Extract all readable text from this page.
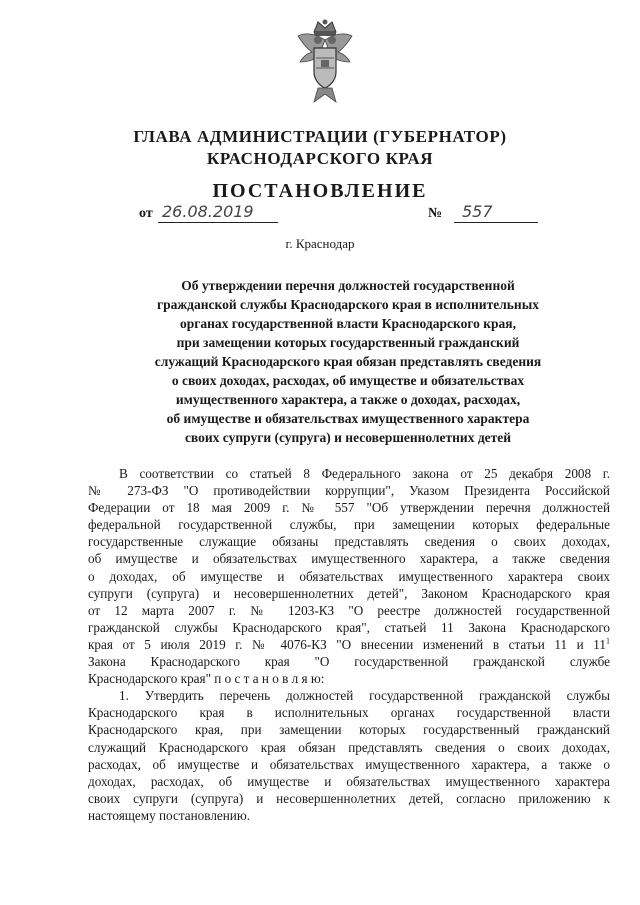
ГЛАВА АДМИНИСТРАЦИИ (ГУБЕРНАТОР)
КРАСНОДАРСКОГО КРАЯ
ПОСТАНОВЛЕНИЕ
от 26.08.2019	№	557
г. Краснодар
Об утверждении перечня должностей государственной
гражданской службы Краснодарского края в исполнительных
органах государственной власти Краснодарского края,
при замещении которых государственный гражданский
служащий Краснодарского края обязан представлять сведения
о своих доходах, расходах, об имуществе и обязательствах
имущественного характера, а также о доходах, расходах,
об имуществе и обязательствах имущественного характера
своих супруги (супруга) и несовершеннолетних детей
В соответствии со статьей 8 Федерального закона от 25 декабря 2008 г.
№ 273-ФЗ "О противодействии коррупции", Указом Президента Российской
Федерации от 18 мая 2009 г. № 557 "Об утверждении перечня должностей
федеральной государственной службы, при замещении которых федеральные
государственные служащие обязаны представлять сведения о своих доходах,
об имуществе и обязательствах имущественного характера, а также сведения
о доходах, об имуществе и обязательствах имущественного характера своих
супруги (супруга) и несовершеннолетних детей", Законом Краснодарского края
от 12 марта 2007 г. № 1203-КЗ "О реестре должностей государственной
гражданской службы Краснодарского края", статьей 11 Закона Краснодарского
края от 5 июля 2019 г. № 4076-КЗ "О внесении изменений в статьи 11 и $11^1$
Закона Краснодарского края "О государственной гражданской службе
Краснодарского края" п о с т а н о в л я ю:
1. Утвердить перечень должностей государственной гражданской службы
Краснодарского края в исполнительных органах государственной власти
Краснодарского края, при замещении которых государственный гражданский
служащий Краснодарского края обязан представлять сведения о своих доходах,
расходах, об имуществе и обязательствах имущественного характера, а также о
доходах, расходах, об имуществе и обязательствах имущественного характера
своих супруги (супруга) и несовершеннолетних детей, согласно приложению к
настоящему постановлению.
